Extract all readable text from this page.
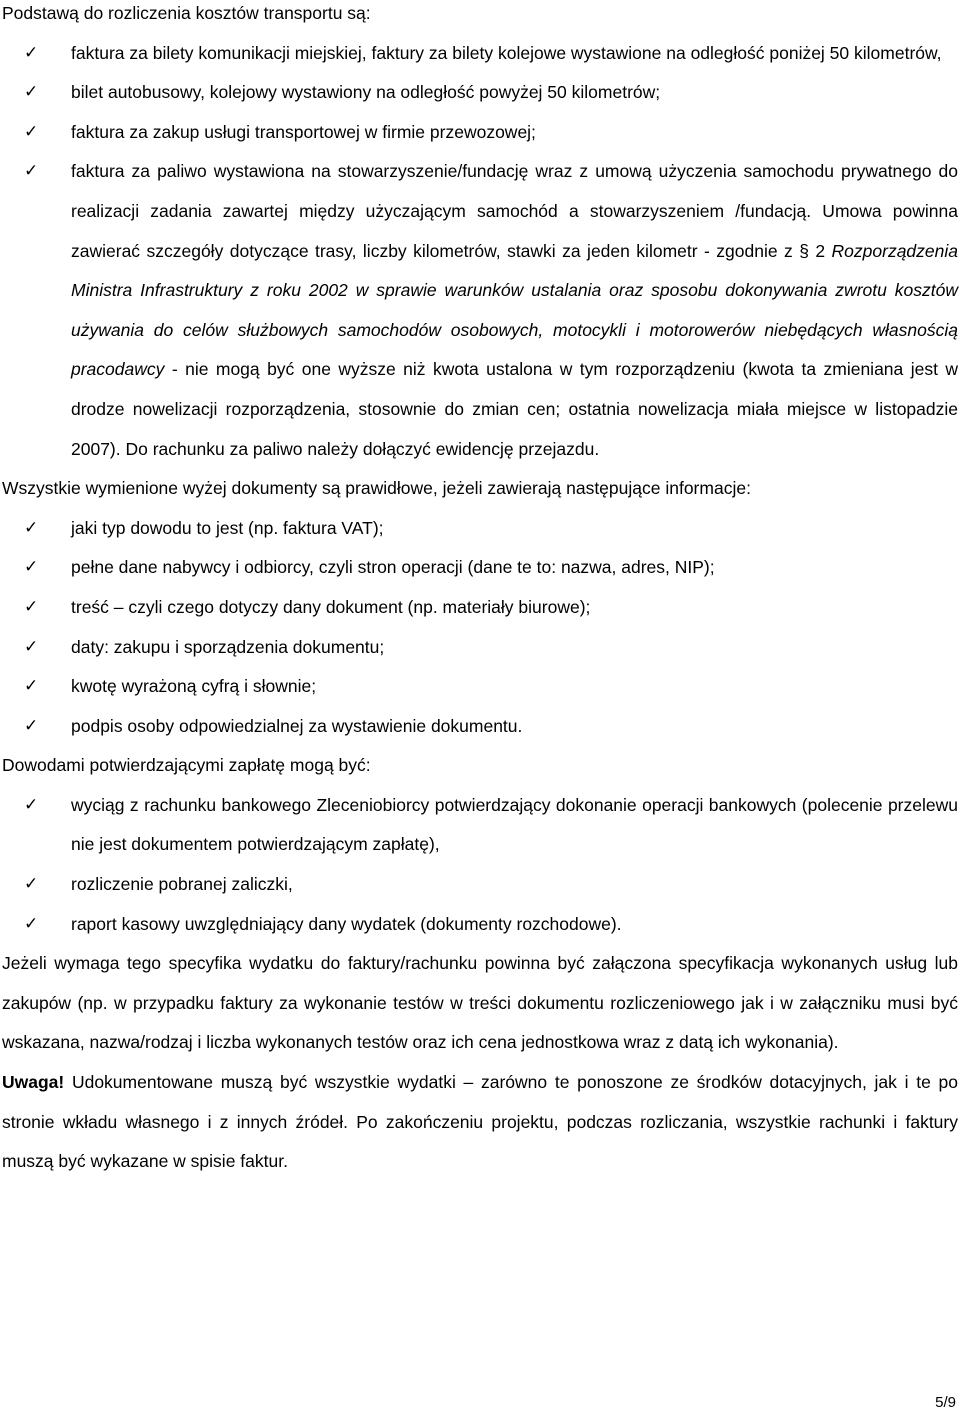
Podstawą do rozliczenia kosztów transportu są:

✓ faktura za bilety komunikacji miejskiej, faktury za bilety kolejowe wystawione na odległość poniżej 50 kilometrów,
✓ bilet autobusowy, kolejowy wystawiony na odległość powyżej 50 kilometrów;
✓ faktura za zakup usługi transportowej w firmie przewozowej;
✓ faktura za paliwo wystawiona na stowarzyszenie/fundację wraz z umową użyczenia samochodu prywatnego do realizacji zadania zawartej między użyczającym samochód a stowarzyszeniem /fundacją. Umowa powinna zawierać szczegóły dotyczące trasy, liczby kilometrów, stawki za jeden kilometr - zgodnie z § 2 Rozporządzenia Ministra Infrastruktury z roku 2002 w sprawie warunków ustalania oraz sposobu dokonywania zwrotu kosztów używania do celów służbowych samochodów osobowych, motocykli i motorowerów niebędących własnością pracodawcy - nie mogą być one wyższe niż kwota ustalona w tym rozporządzeniu (kwota ta zmieniana jest w drodze nowelizacji rozporządzenia, stosownie do zmian cen; ostatnia nowelizacja miała miejsce w listopadzie 2007). Do rachunku za paliwo należy dołączyć ewidencję przejazdu.

Wszystkie wymienione wyżej dokumenty są prawidłowe, jeżeli zawierają następujące informacje:

✓ jaki typ dowodu to jest (np. faktura VAT);
✓ pełne dane nabywcy i odbiorcy, czyli stron operacji (dane te to: nazwa, adres, NIP);
✓ treść – czyli czego dotyczy dany dokument (np. materiały biurowe);
✓ daty: zakupu i sporządzenia dokumentu;
✓ kwotę wyrażoną cyfrą i słownie;
✓ podpis osoby odpowiedzialnej za wystawienie dokumentu.

Dowodami potwierdzającymi zapłatę mogą być:

✓ wyciąg z rachunku bankowego Zleceniobiorcy potwierdzający dokonanie operacji bankowych (polecenie przelewu nie jest dokumentem potwierdzającym zapłatę),
✓ rozliczenie pobranej zaliczki,
✓ raport kasowy uwzględniający dany wydatek (dokumenty rozchodowe).

Jeżeli wymaga tego specyfika wydatku do faktury/rachunku powinna być załączona specyfikacja wykonanych usług lub zakupów (np. w przypadku faktury za wykonanie testów w treści dokumentu rozliczeniowego jak i w załączniku musi być wskazana, nazwa/rodzaj i liczba wykonanych testów oraz ich cena jednostkowa wraz z datą ich wykonania).

Uwaga! Udokumentowane muszą być wszystkie wydatki – zarówno te ponoszone ze środków dotacyjnych, jak i te po stronie wkładu własnego i z innych źródeł. Po zakończeniu projektu, podczas rozliczania, wszystkie rachunki i faktury muszą być wykazane w spisie faktur.

5/9
